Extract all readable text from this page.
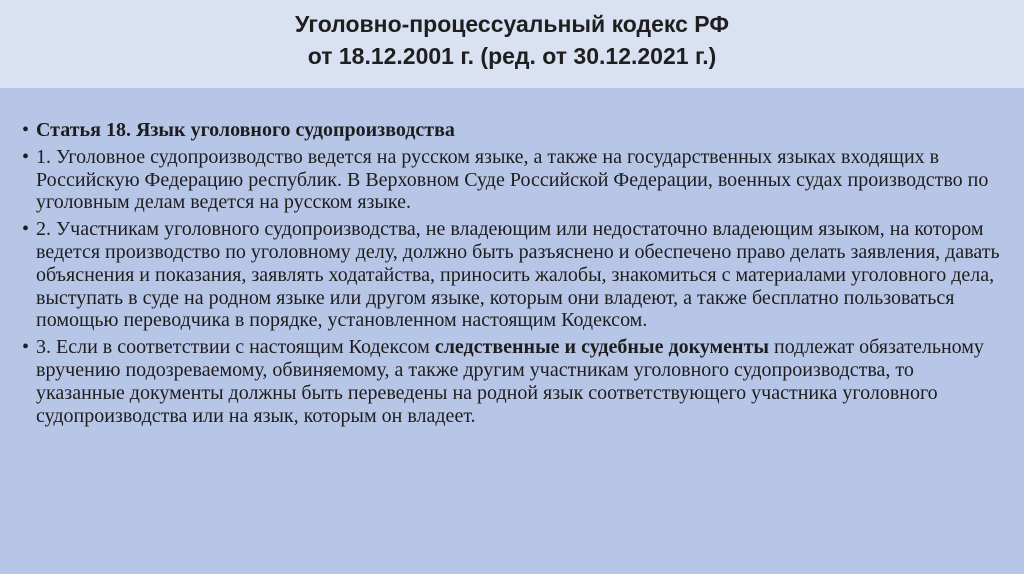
Уголовно-процессуальный кодекс РФ
от 18.12.2001 г. (ред. от 30.12.2021 г.)
• Статья 18. Язык уголовного судопроизводства
• 1. Уголовное судопроизводство ведется на русском языке, а также на государственных языках входящих в Российскую Федерацию республик. В Верховном Суде Российской Федерации, военных судах производство по уголовным делам ведется на русском языке.
• 2. Участникам уголовного судопроизводства, не владеющим или недостаточно владеющим языком, на котором ведется производство по уголовному делу, должно быть разъяснено и обеспечено право делать заявления, давать объяснения и показания, заявлять ходатайства, приносить жалобы, знакомиться с материалами уголовного дела, выступать в суде на родном языке или другом языке, которым они владеют, а также бесплатно пользоваться помощью переводчика в порядке, установленном настоящим Кодексом.
• 3. Если в соответствии с настоящим Кодексом следственные и судебные документы подлежат обязательному вручению подозреваемому, обвиняемому, а также другим участникам уголовного судопроизводства, то указанные документы должны быть переведены на родной язык соответствующего участника уголовного судопроизводства или на язык, которым он владеет.
